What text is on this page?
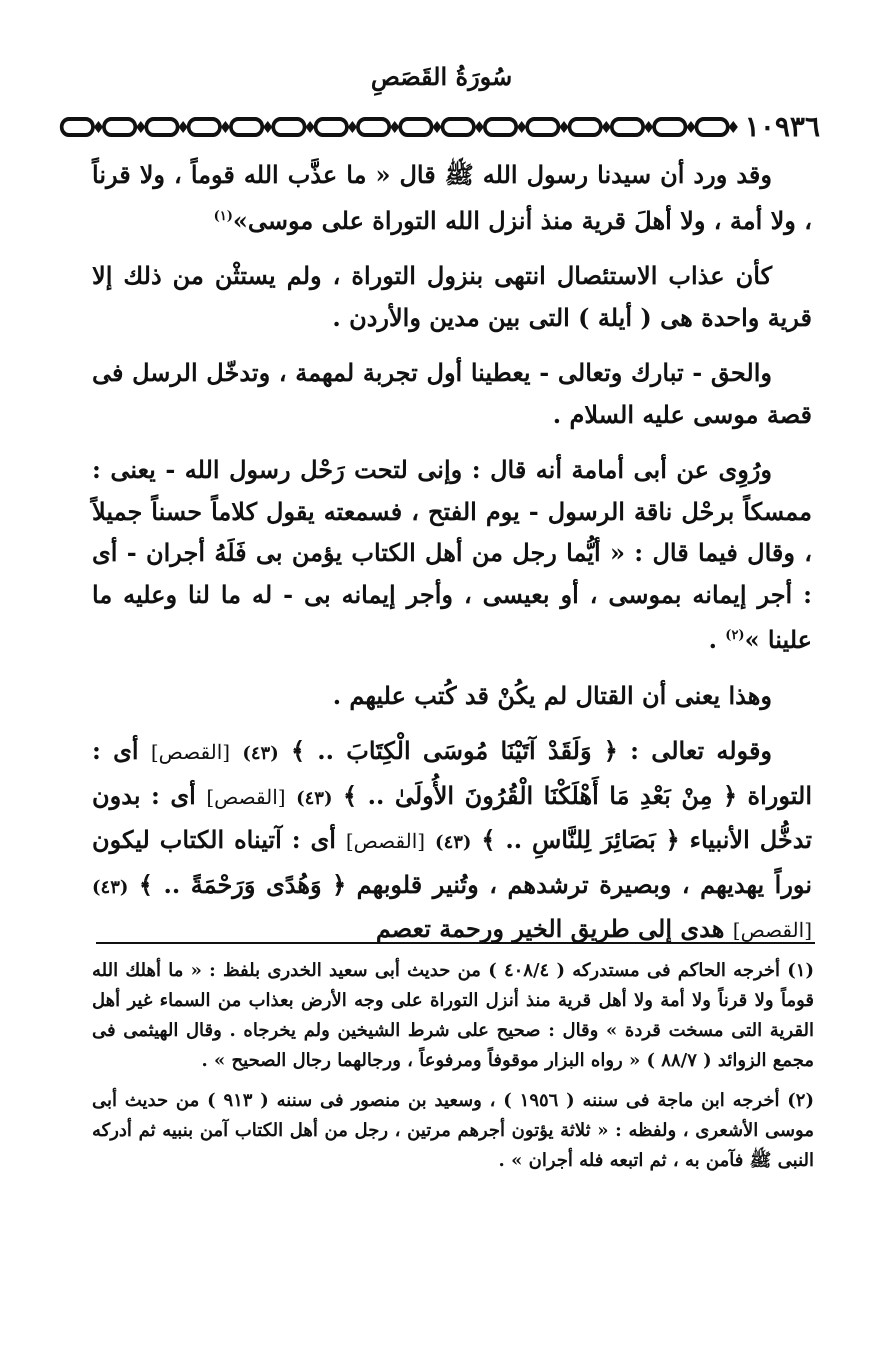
سُورَةُ القَصَصِ
١٠٩٣٦

وقد ورد أن سيدنا رسول الله ﷺ قال « ما عذَّب الله قوماً ، ولا قرناً ، ولا أمة ، ولا أهلَ قرية منذ أنزل الله التوراة على موسى»$^{(١)}$

كأن عذاب الاستئصال انتهى بنزول التوراة ، ولم يستثْن من ذلك إلا قرية واحدة هى ( أيلة ) التى بين مدين والأردن .

والحق - تبارك وتعالى - يعطينا أول تجربة لمهمة ، وتدخّل الرسل فى قصة موسى عليه السلام .

ورُوِى عن أبى أمامة أنه قال : وإنى لتحت رَحْل رسول الله - يعنى : ممسكاً برحْل ناقة الرسول - يوم الفتح ، فسمعته يقول كلاماً حسناً جميلاً ، وقال فيما قال : « أيُّما رجل من أهل الكتاب يؤمن بى فَلَهُ أجران - أى : أجر إيمانه بموسى ، أو بعيسى ، وأجر إيمانه بى - له ما لنا وعليه ما علينا »$^{(٢)}$ .

وهذا يعنى أن القتال لم يكُنْ قد كُتب عليهم .

وقوله تعالى : ﴿ وَلَقَدْ آتَيْنَا مُوسَى الْكِتَابَ .. ﴾ (٤٣) [القصص] أى : التوراة ﴿ مِنْ بَعْدِ مَا أَهْلَكْنَا الْقُرُونَ الأُولَىٰ .. ﴾ (٤٣) [القصص] أى : بدون تدخُّل الأنبياء ﴿ بَصَائِرَ لِلنَّاسِ .. ﴾ (٤٣) [القصص] أى : آتيناه الكتاب ليكون نوراً يهديهم ، وبصيرة ترشدهم ، وتُنير قلوبهم ﴿ وَهُدًى وَرَحْمَةً .. ﴾ (٤٣) [القصص] هدى إلى طريق الخير ورحمة تعصم

(١) أخرجه الحاكم فى مستدركه ( ٤٠٨/٤ ) من حديث أبى سعيد الخدرى بلفظ : « ما أهلك الله قوماً ولا قرناً ولا أمة ولا أهل قرية منذ أنزل التوراة على وجه الأرض بعذاب من السماء غير أهل القرية التى مسخت قردة » وقال : صحيح على شرط الشيخين ولم يخرجاه . وقال الهيثمى فى مجمع الزوائد ( ٨٨/٧ ) « رواه البزار موقوفاً ومرفوعاً ، ورجالهما رجال الصحيح » .

(٢) أخرجه ابن ماجة فى سننه ( ١٩٥٦ ) ، وسعيد بن منصور فى سننه ( ٩١٣ ) من حديث أبى موسى الأشعرى ، ولفظه : « ثلاثة يؤتون أجرهم مرتين ، رجل من أهل الكتاب آمن بنبيه ثم أدركه النبى ﷺ فآمن به ، ثم اتبعه فله أجران » .
